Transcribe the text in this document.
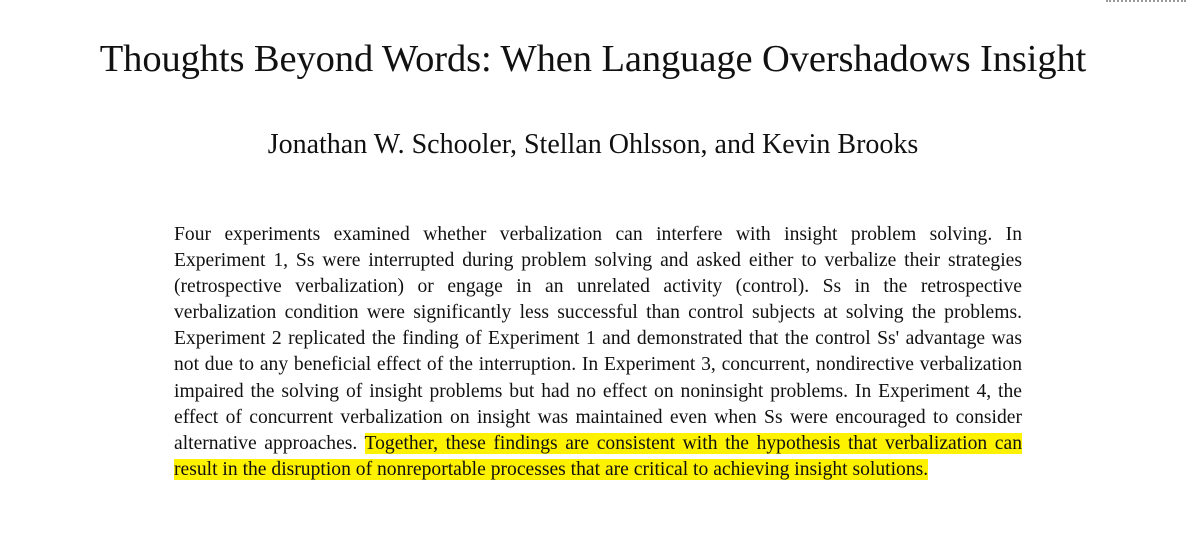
Thoughts Beyond Words: When Language Overshadows Insight
Jonathan W. Schooler, Stellan Ohlsson, and Kevin Brooks

Four experiments examined whether verbalization can interfere with insight problem solving. In Experiment 1, Ss were interrupted during problem solving and asked either to verbalize their strategies (retrospective verbalization) or engage in an unrelated activity (control). Ss in the retrospective verbalization condition were significantly less successful than control subjects at solving the problems. Experiment 2 replicated the finding of Experiment 1 and demonstrated that the control Ss' advantage was not due to any beneficial effect of the interruption. In Experiment 3, concurrent, nondirective verbalization impaired the solving of insight problems but had no effect on noninsight problems. In Experiment 4, the effect of concurrent verbalization on insight was maintained even when Ss were encouraged to consider alternative approaches. Together, these findings are consistent with the hypothesis that verbalization can result in the disruption of nonreportable processes that are critical to achieving insight solutions.
